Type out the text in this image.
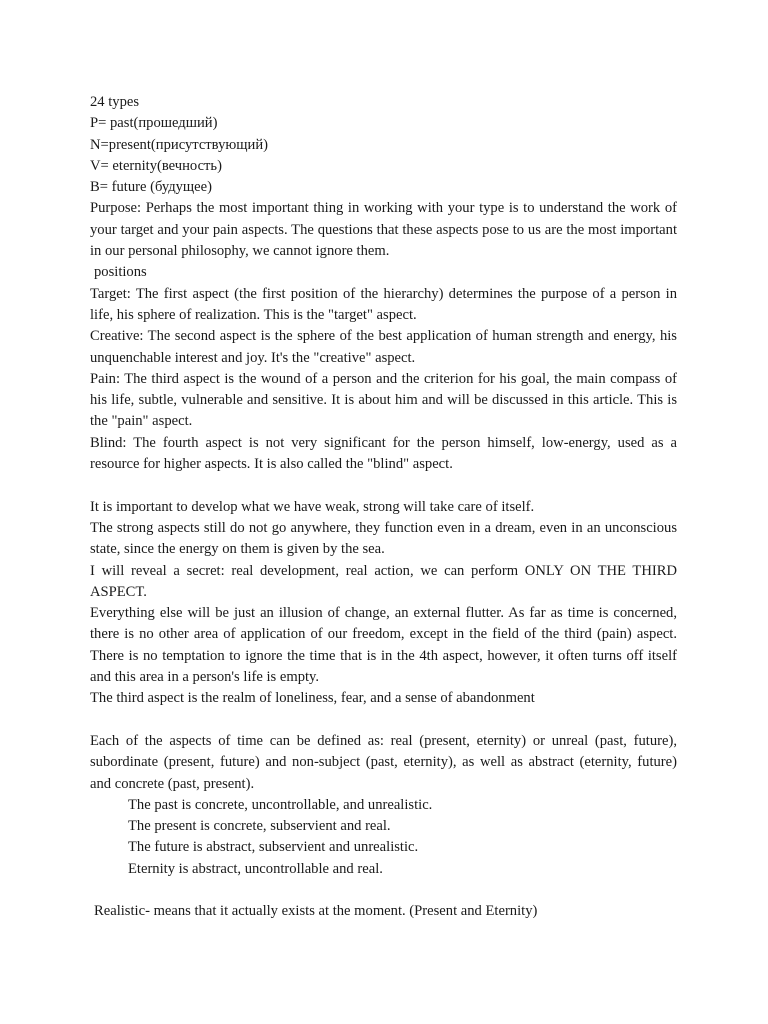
24 types

P= past(прошедший)

N=present(присутствующий)

V= eternity(вечность)

B= future (будущее)

Purpose: Perhaps the most important thing in working with your type is to understand the work of your target and your pain aspects. The questions that these aspects pose to us are the most important in our personal philosophy, we cannot ignore them.

positions

Target: The first aspect (the first position of the hierarchy) determines the purpose of a person in life, his sphere of realization. This is the "target" aspect.

Creative: The second aspect is the sphere of the best application of human strength and energy, his unquenchable interest and joy. It's the "creative" aspect.

Pain: The third aspect is the wound of a person and the criterion for his goal, the main compass of his life, subtle, vulnerable and sensitive. It is about him and will be discussed in this article. This is the "pain" aspect.

Blind: The fourth aspect is not very significant for the person himself, low-energy, used as a resource for higher aspects. It is also called the "blind" aspect.

It is important to develop what we have weak, strong will take care of itself.

The strong aspects still do not go anywhere, they function even in a dream, even in an unconscious state, since the energy on them is given by the sea.

I will reveal a secret: real development, real action, we can perform ONLY ON THE THIRD ASPECT.

Everything else will be just an illusion of change, an external flutter. As far as time is concerned, there is no other area of application of our freedom, except in the field of the third (pain) aspect. There is no temptation to ignore the time that is in the 4th aspect, however, it often turns off itself and this area in a person's life is empty.

The third aspect is the realm of loneliness, fear, and a sense of abandonment

Each of the aspects of time can be defined as: real (present, eternity) or unreal (past, future), subordinate (present, future) and non-subject (past, eternity), as well as abstract (eternity, future) and concrete (past, present).

The past is concrete, uncontrollable, and unrealistic.

The present is concrete, subservient and real.

The future is abstract, subservient and unrealistic.

Eternity is abstract, uncontrollable and real.

Realistic- means that it actually exists at the moment. (Present and Eternity)
